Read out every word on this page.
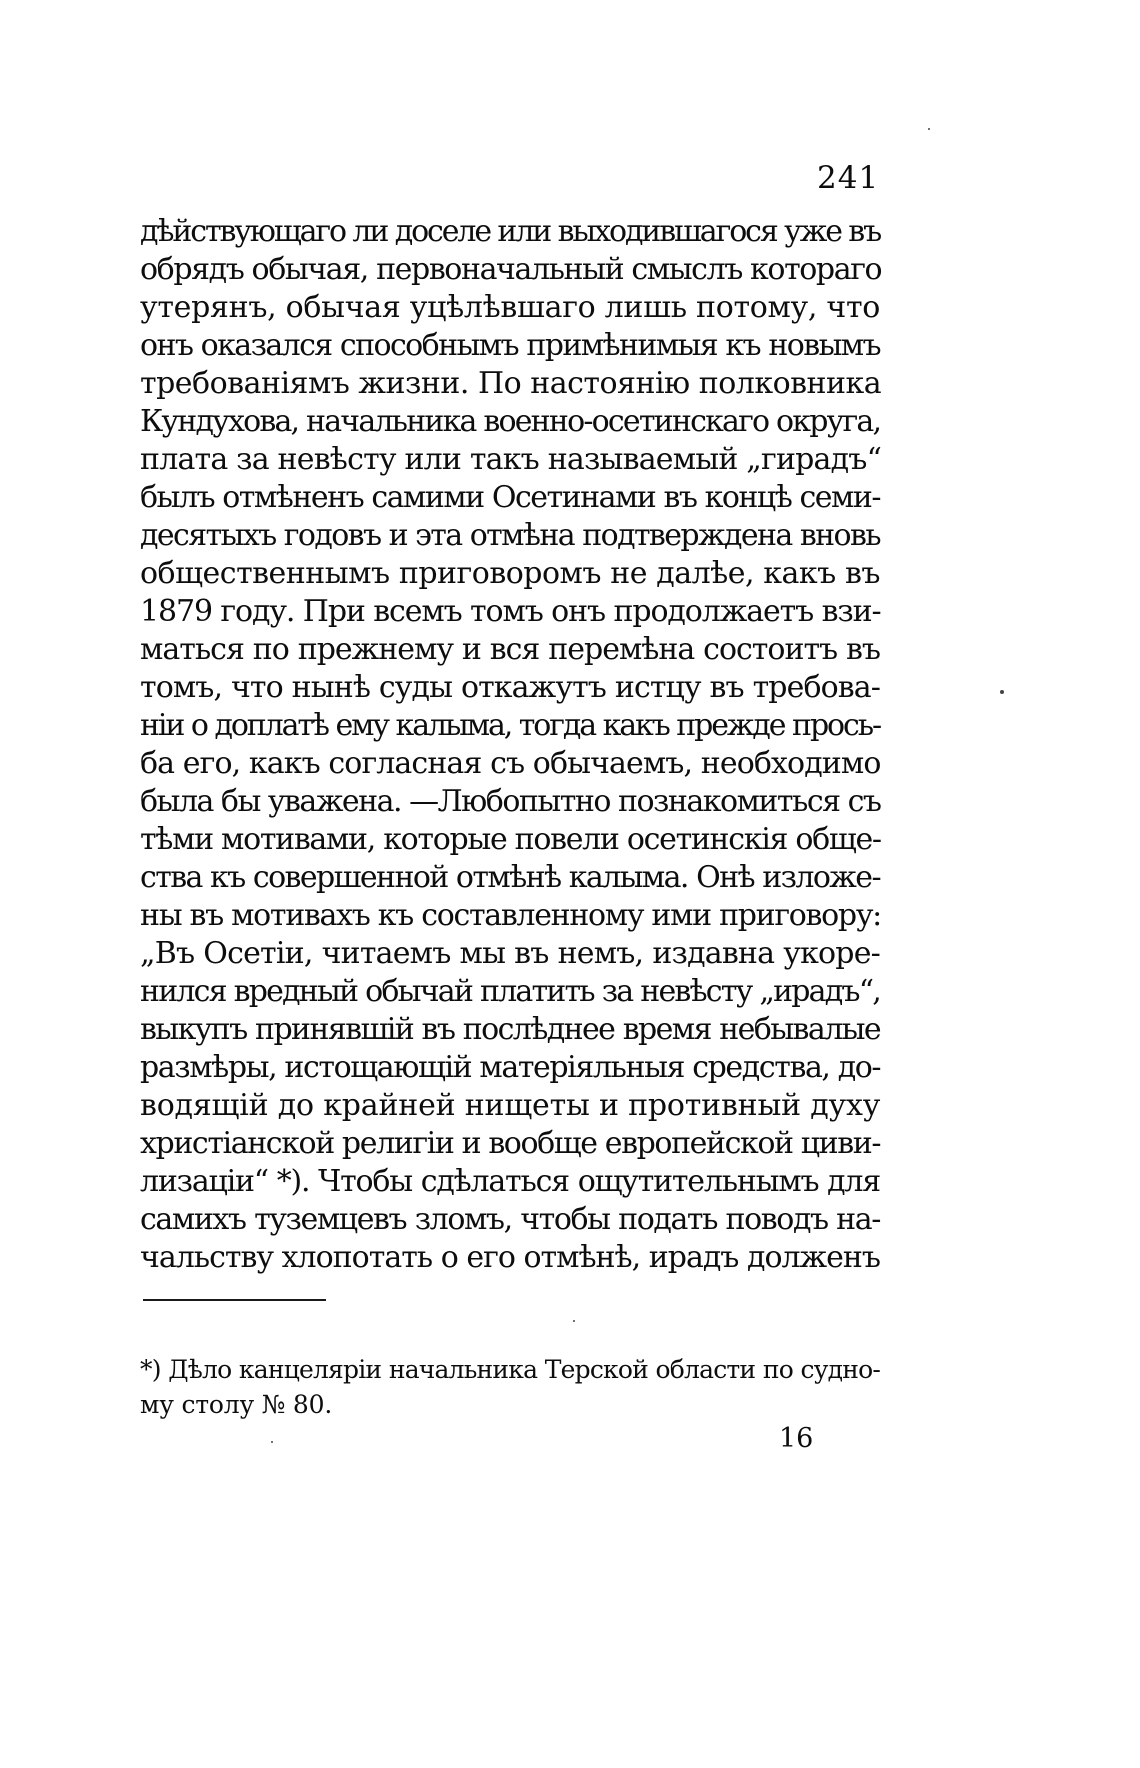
241
дѣйствующаго ли доселе или выходившагося уже въ
обрядъ обычая, первоначальный смыслъ котораго
утерянъ, обычая уцѣлѣвшаго лишь потому, что
онъ оказался способнымъ примѣнимыя къ новымъ
требованіямъ жизни. По настоянію полковника
Кундухова, начальника военно-осетинскаго округа,
плата за невѣсту или такъ называемый „гирадъ“
былъ отмѣненъ самими Осетинами въ концѣ семи-
десятыхъ годовъ и эта отмѣна подтверждена вновь
общественнымъ приговоромъ не далѣе, какъ въ
1879 году. При всемъ томъ онъ продолжаетъ взи-
маться по прежнему и вся перемѣна состоитъ въ
томъ, что нынѣ суды откажутъ истцу въ требова-
ніи о доплатѣ ему калыма, тогда какъ прежде прось-
ба его, какъ согласная съ обычаемъ, необходимо
была бы уважена. —Любопытно познакомиться съ
тѣми мотивами, которые повели осетинскія обще-
ства къ совершенной отмѣнѣ калыма. Онѣ изложе-
ны въ мотивахъ къ составленному ими приговору:
„Въ Осетіи, читаемъ мы въ немъ, издавна укоре-
нился вредный обычай платить за невѣсту „ирадъ“,
выкупъ принявшій въ послѣднее время небывалые
размѣры, истощающій матеріяльныя средства, до-
водящій до крайней нищеты и противный духу
христіанской религіи и вообще европейской циви-
лизаціи“ *). Чтобы сдѣлаться ощутительнымъ для
самихъ туземцевъ зломъ, чтобы подать поводъ на-
чальству хлопотать о его отмѣнѣ, ирадъ долженъ
*) Дѣло канцеляріи начальника Терской области по судно-
му столу № 80.
16
